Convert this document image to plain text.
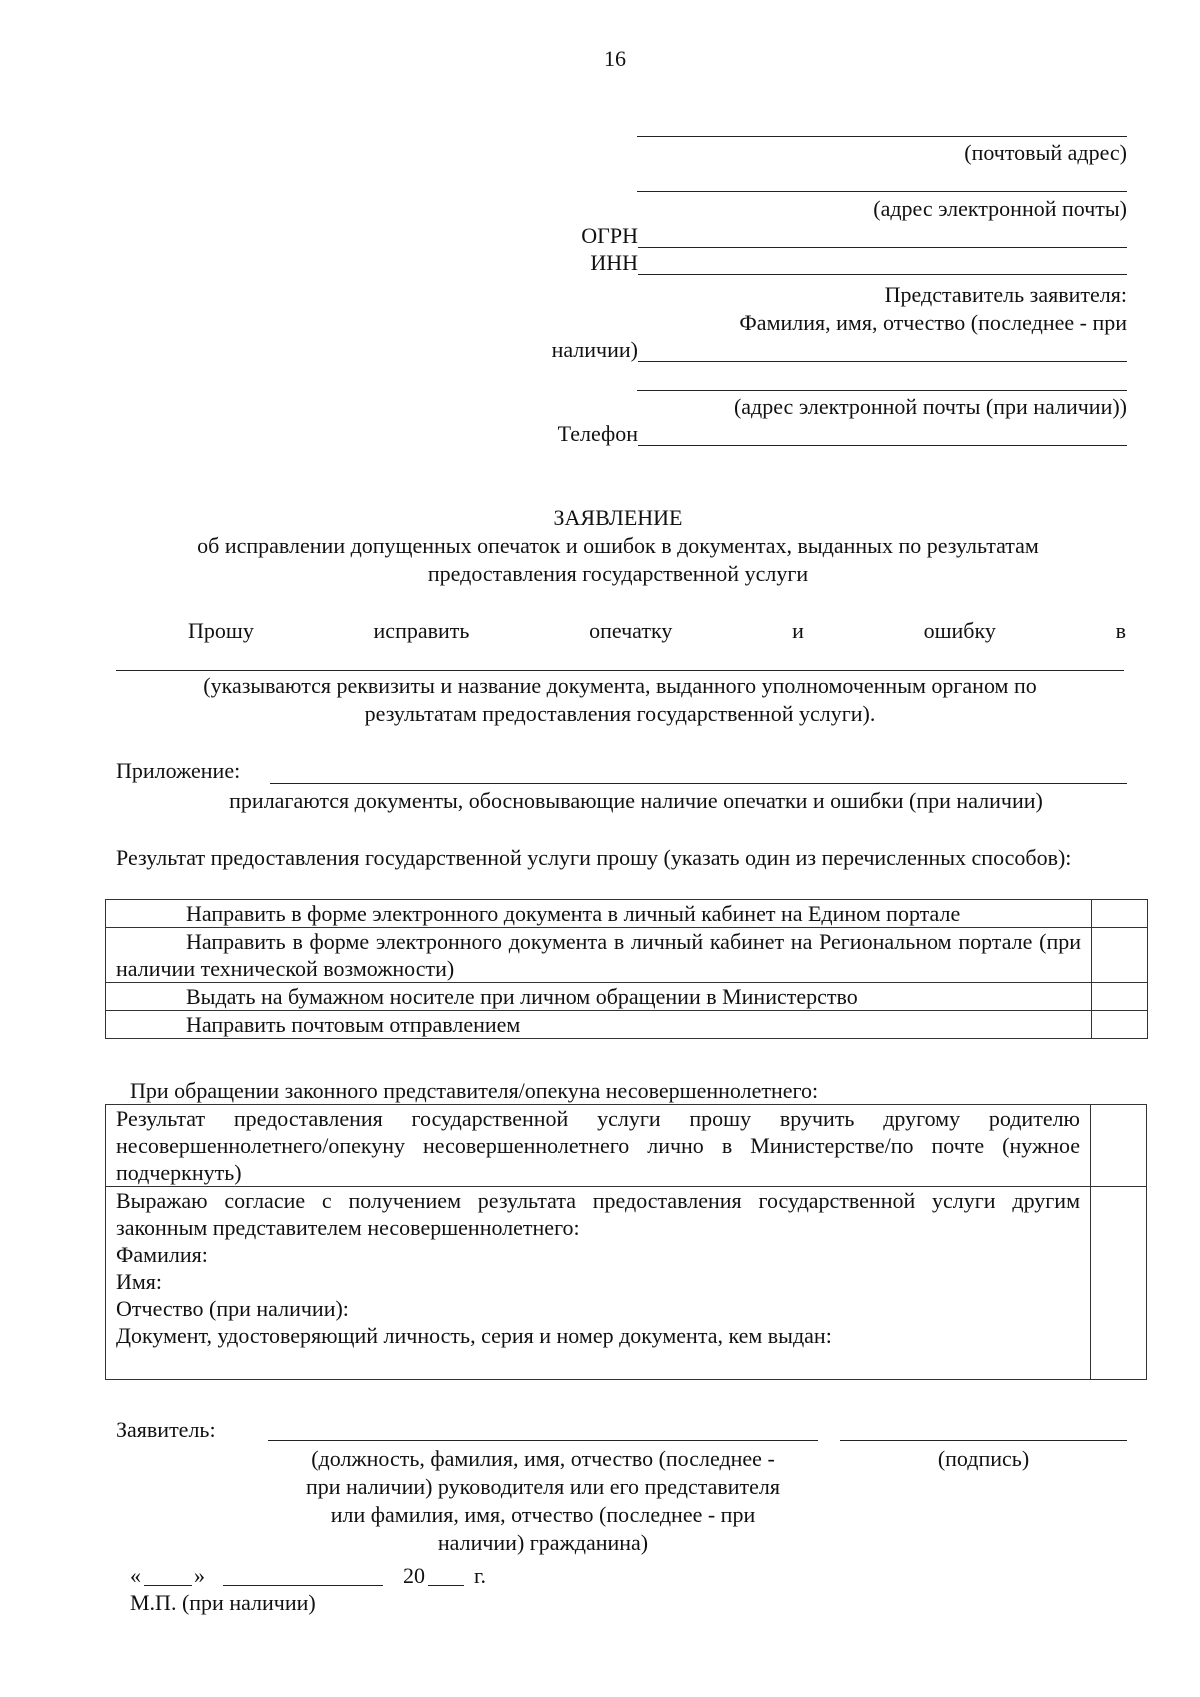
16
(почтовый адрес)
(адрес электронной почты)
ОГРН
ИНН
Представитель заявителя:
Фамилия, имя, отчество (последнее - при
наличии)
(адрес электронной почты (при наличии))
Телефон
ЗАЯВЛЕНИЕ
об исправлении допущенных опечаток и ошибок в документах, выданных по результатам
предоставления государственной услуги
Прошу	исправить	опечатку	и	ошибку	в
(указываются реквизиты и название документа, выданного уполномоченным органом по
результатам предоставления государственной услуги).
Приложение:
прилагаются документы, обосновывающие наличие опечатки и ошибки (при наличии)
Результат предоставления государственной услуги прошу (указать один из перечисленных способов):
Направить в форме электронного документа в личный кабинет на Едином портале	
Направить в форме электронного документа в личный кабинет на Региональном портале (при наличии технической возможности)	
Выдать на бумажном носителе при личном обращении в Министерство	
Направить почтовым отправлением	
При обращении законного представителя/опекуна несовершеннолетнего:
Результат предоставления государственной услуги прошу вручить другому родителю несовершеннолетнего/опекуну несовершеннолетнего лично в Министерстве/по почте (нужное подчеркнуть)	

Выражаю согласие с получением результата предоставления государственной услуги другим законным представителем несовершеннолетнего:
Фамилия:
Имя:
Отчество (при наличии):
Документ, удостоверяющий личность, серия и номер документа, кем выдан:	

Заявитель:
(должность, фамилия, имя, отчество (последнее -
при наличии) руководителя или его представителя
или фамилия, имя, отчество (последнее - при
наличии) гражданина)
(подпись)
« »	20 г.
М.П. (при наличии)
